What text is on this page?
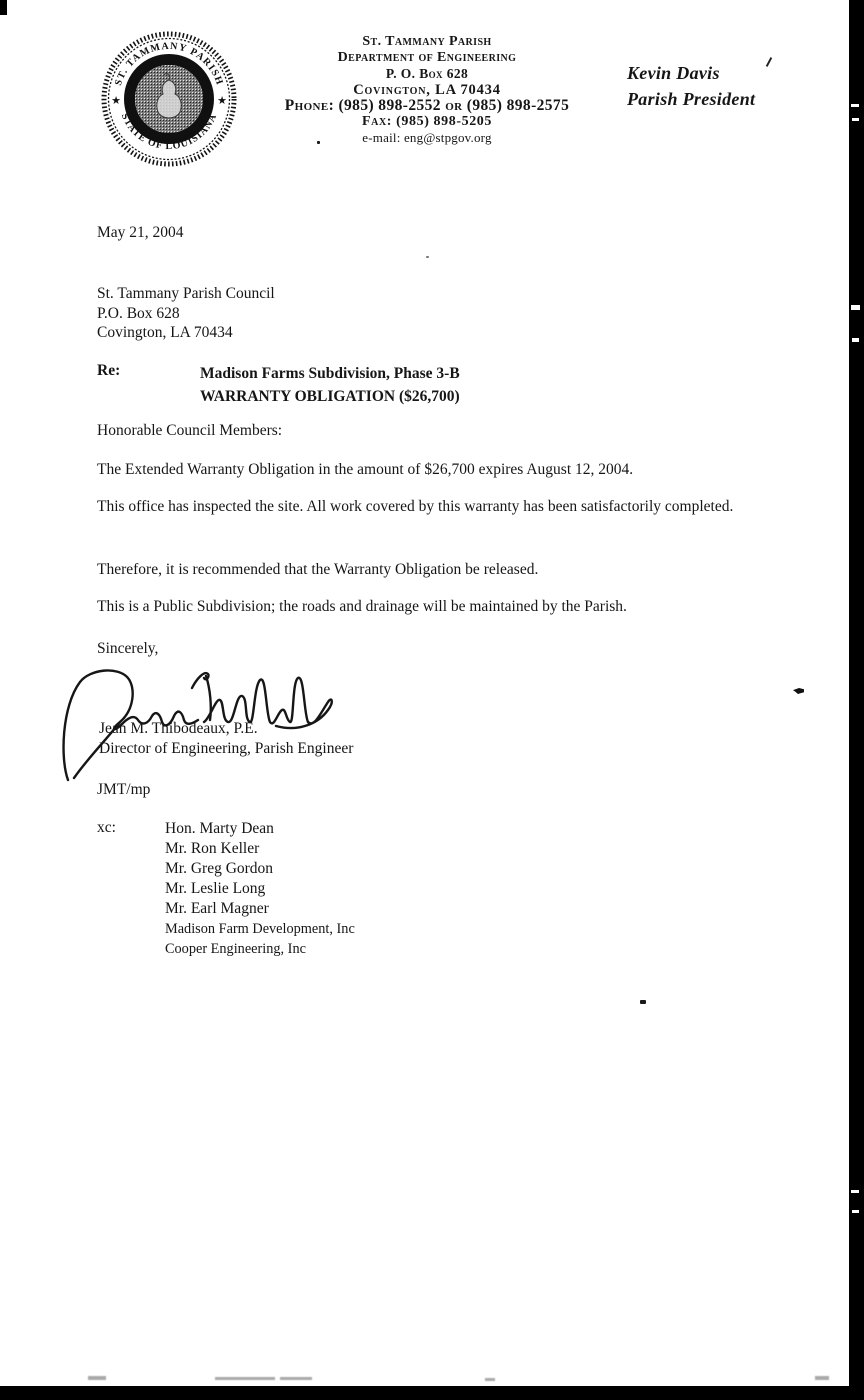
ST. TAMMANY PARISH
STATE OF LOUISIANA
★	★
St. Tammany Parish
Department of Engineering
P. O. Box 628
Covington, LA 70434
Phone: (985) 898-2552 or (985) 898-2575
Fax: (985) 898-5205
e-mail: eng@stpgov.org
Kevin Davis
Parish President
May 21, 2004
St. Tammany Parish Council
P.O. Box 628
Covington, LA 70434
Re:	Madison Farms Subdivision, Phase 3-B
WARRANTY OBLIGATION ($26,700)
Honorable Council Members:
The Extended Warranty Obligation in the amount of $26,700 expires August 12, 2004.
This office has inspected the site. All work covered by this warranty has been satisfactorily completed.
Therefore, it is recommended that the Warranty Obligation be released.
This is a Public Subdivision; the roads and drainage will be maintained by the Parish.
Sincerely,
Jean M. Thibodeaux, P.E.
Director of Engineering, Parish Engineer
JMT/mp
xc:	Hon. Marty Dean
Mr. Ron Keller
Mr. Greg Gordon
Mr. Leslie Long
Mr. Earl Magner
Madison Farm Development, Inc
Cooper Engineering, Inc
